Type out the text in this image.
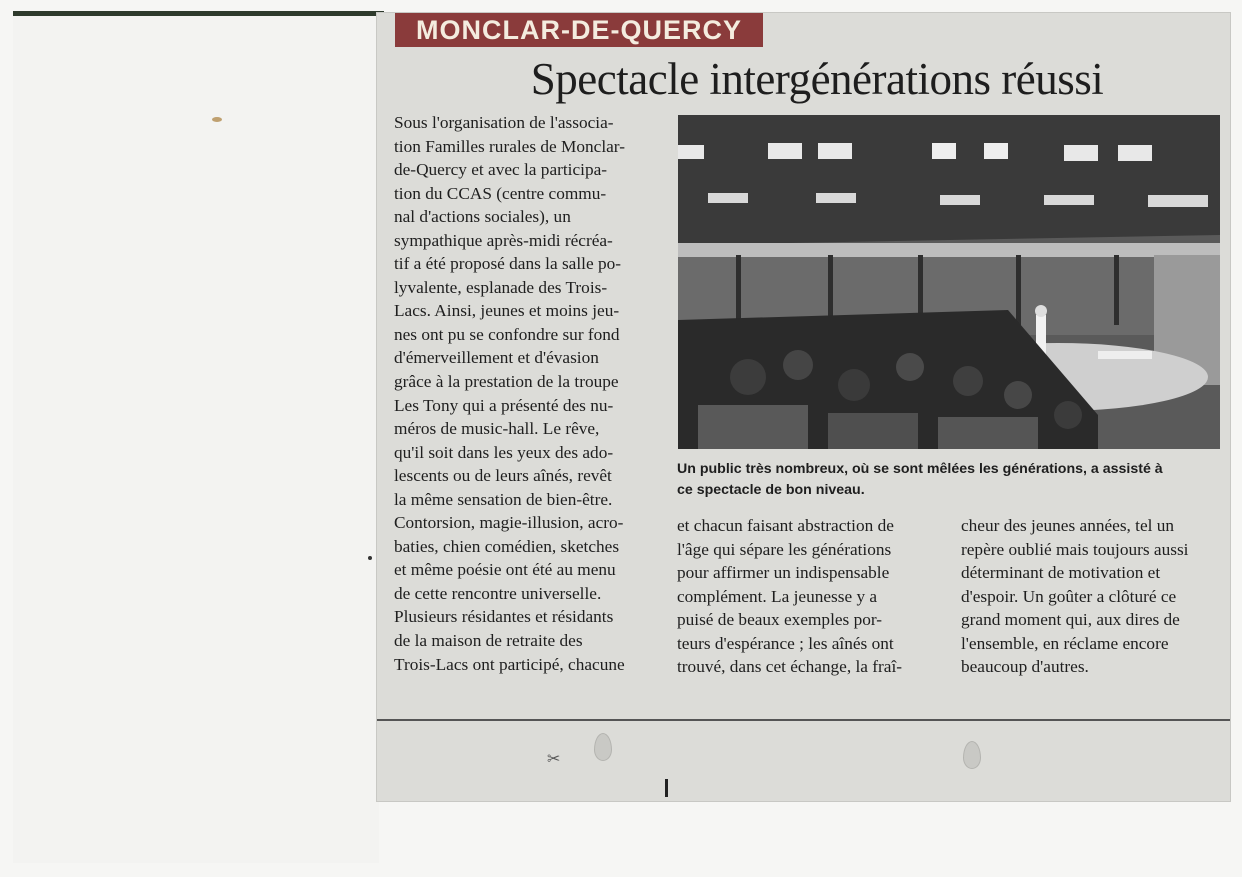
MONCLAR-DE-QUERCY
Spectacle intergénérations réussi

Sous l'organisation de l'associa-

tion Familles rurales de Monclar-

de-Quercy et avec la participa-

tion du CCAS (centre commu-

nal d'actions sociales), un

sympathique après-midi récréa-

tif a été proposé dans la salle po-

lyvalente, esplanade des Trois-

Lacs. Ainsi, jeunes et moins jeu-

nes ont pu se confondre sur fond

d'émerveillement et d'évasion

grâce à la prestation de la troupe

Les Tony qui a présenté des nu-

méros de music-hall. Le rêve,

qu'il soit dans les yeux des ado-

lescents ou de leurs aînés, revêt

la même sensation de bien-être.

Contorsion, magie-illusion, acro-

baties, chien comédien, sketches

et même poésie ont été au menu

de cette rencontre universelle.

Plusieurs résidantes et résidants

de la maison de retraite des

Trois-Lacs ont participé, chacune

Un public très nombreux, où se sont mêlées les générations, a assisté à
ce spectacle de bon niveau.

et chacun faisant abstraction de

l'âge qui sépare les générations

pour affirmer un indispensable

complément. La jeunesse y a

puisé de beaux exemples por-

teurs d'espérance ; les aînés ont

trouvé, dans cet échange, la fraî-

cheur des jeunes années, tel un

repère oublié mais toujours aussi

déterminant de motivation et

d'espoir. Un goûter a clôturé ce

grand moment qui, aux dires de

l'ensemble, en réclame encore

beaucoup d'autres.

✂
